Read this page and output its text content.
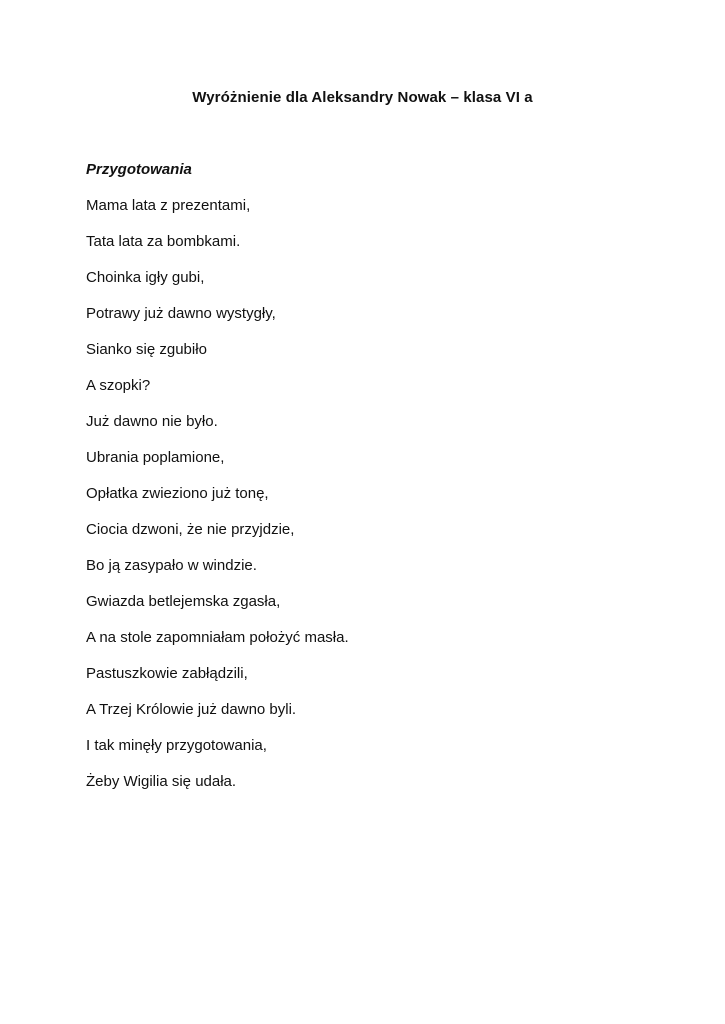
Wyróżnienie dla Aleksandry Nowak – klasa VI a
Przygotowania
Mama lata z prezentami,
Tata lata za bombkami.
Choinka igły gubi,
Potrawy już dawno wystygły,
Sianko się zgubiło
A szopki?
Już dawno nie było.
Ubrania poplamione,
Opłatka zwieziono już tonę,
Ciocia dzwoni, że nie przyjdzie,
Bo ją zasypało w windzie.
Gwiazda betlejemska zgasła,
A na stole zapomniałam położyć masła.
Pastuszkowie zabłądzili,
A Trzej Królowie już dawno byli.
I tak minęły przygotowania,
Żeby Wigilia się udała.
